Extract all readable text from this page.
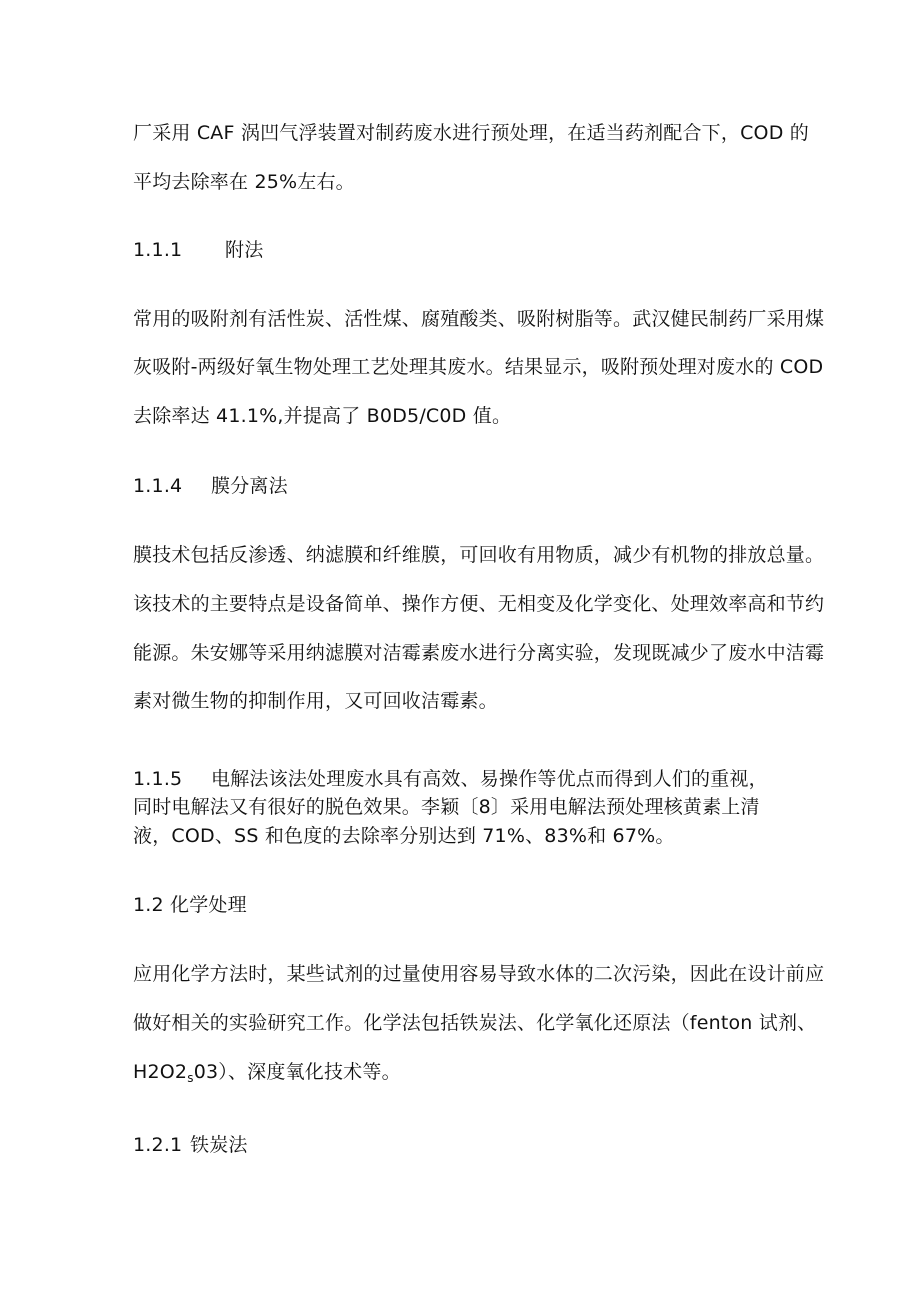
厂采用 CAF 涡凹气浮装置对制药废水进行预处理，在适当药剂配合下，COD 的
平均去除率在 25%左右。
1.1.1 附法
常用的吸附剂有活性炭、活性煤、腐殖酸类、吸附树脂等。武汉健民制药厂采用煤
灰吸附-两级好氧生物处理工艺处理其废水。结果显示，吸附预处理对废水的 COD
去除率达 41.1%,并提高了 B0D5/C0D 值。
1.1.4 膜分离法
膜技术包括反渗透、纳滤膜和纤维膜，可回收有用物质，减少有机物的排放总量。
该技术的主要特点是设备简单、操作方便、无相变及化学变化、处理效率高和节约
能源。朱安娜等采用纳滤膜对洁霉素废水进行分离实验，发现既减少了废水中洁霉
素对微生物的抑制作用，又可回收洁霉素。
1.1.5 电解法该法处理废水具有高效、易操作等优点而得到人们的重视，
同时电解法又有很好的脱色效果。李颖〔8〕采用电解法预处理核黄素上清
液，COD、SS 和色度的去除率分别达到 71%、83%和 67%。
1.2 化学处理
应用化学方法时，某些试剂的过量使用容易导致水体的二次污染，因此在设计前应
做好相关的实验研究工作。化学法包括铁炭法、化学氧化还原法（fenton 试剂、
$H2O2_s03$）、深度氧化技术等。
1.2.1 铁炭法
